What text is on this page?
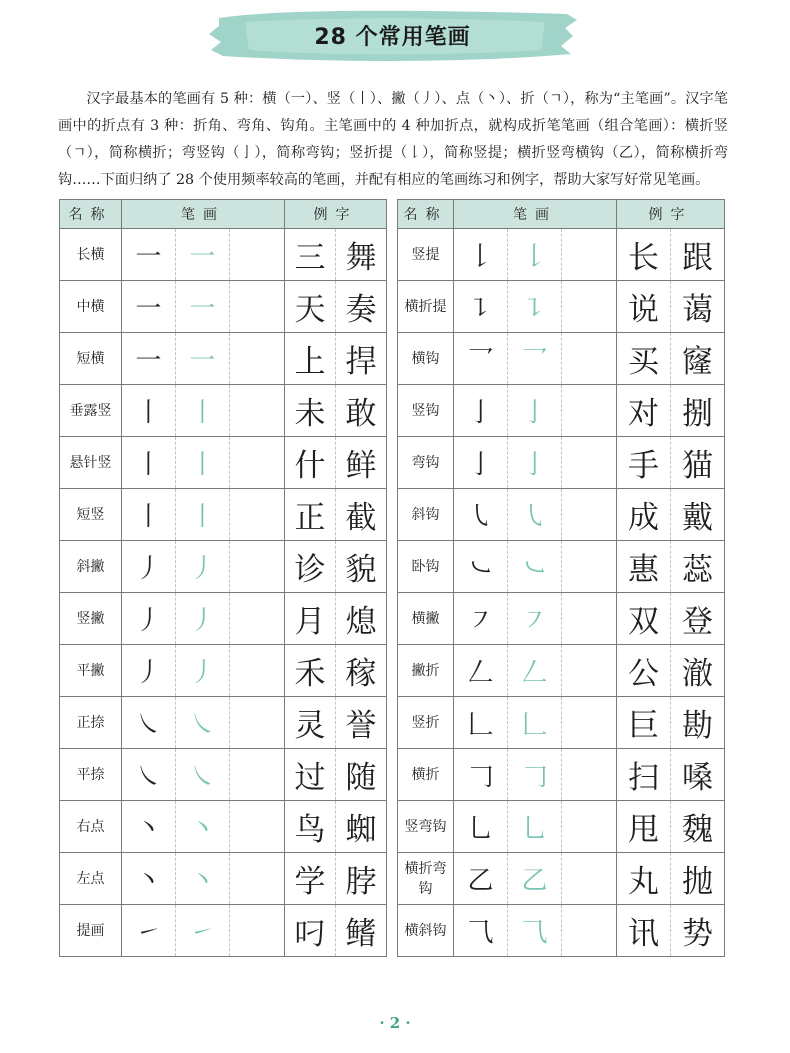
28 个常用笔画

汉字最基本的笔画有 5 种：横（一）、竖（丨）、撇（丿）、点（丶）、折（ㄱ），称为“主笔画”。汉字笔画中的折点有 3 种：折角、弯角、钩角。主笔画中的 4 种加折点，就构成折笔笔画（组合笔画）：横折竖（ㄱ），简称横折；弯竖钩（亅），简称弯钩；竖折提（𠄌），简称竖提；横折竖弯横钩（乙），简称横折弯钩……下面归纳了 28 个使用频率较高的笔画，并配有相应的笔画练习和例字，帮助大家写好常见笔画。

名称	笔画			例字	
长横	一	一		三	舞
中横	一	一		天	奏
短横	一	一		上	捍
垂露竖	丨	丨		未	敢
悬针竖	丨	丨		什	鲜
短竖	丨	丨		正	截
斜撇	丿	丿		诊	貌
竖撇	丿	丿		月	熄
平撇	丿	丿		禾	稼
正捺	㇏	㇏		灵	誉
平捺	㇏	㇏		过	随
右点	丶	丶		鸟	蜘
左点	丶	丶		学	脖
提画	㇀	㇀		叼	鳍
名称	笔画			例字	
竖提	𠄌	𠄌		长	跟
横折提	㇊	㇊		说	蔼
横钩	乛	乛		买	窿
竖钩	亅	亅		对	捌
弯钩	亅	亅		手	猫
斜钩	㇂	㇂		成	戴
卧钩	㇃	㇃		惠	蕊
横撇	㇇	㇇		双	登
撇折	𠃋	𠃋		公	澈
竖折	𠃊	𠃊		巨	勘
横折	𠃌	𠃌		扫	嗓
竖弯钩	乚	乚		甩	魏
横折弯钩	乙	乙		丸	抛
横斜钩	⺄	⺄		讯	势
· 2 ·
